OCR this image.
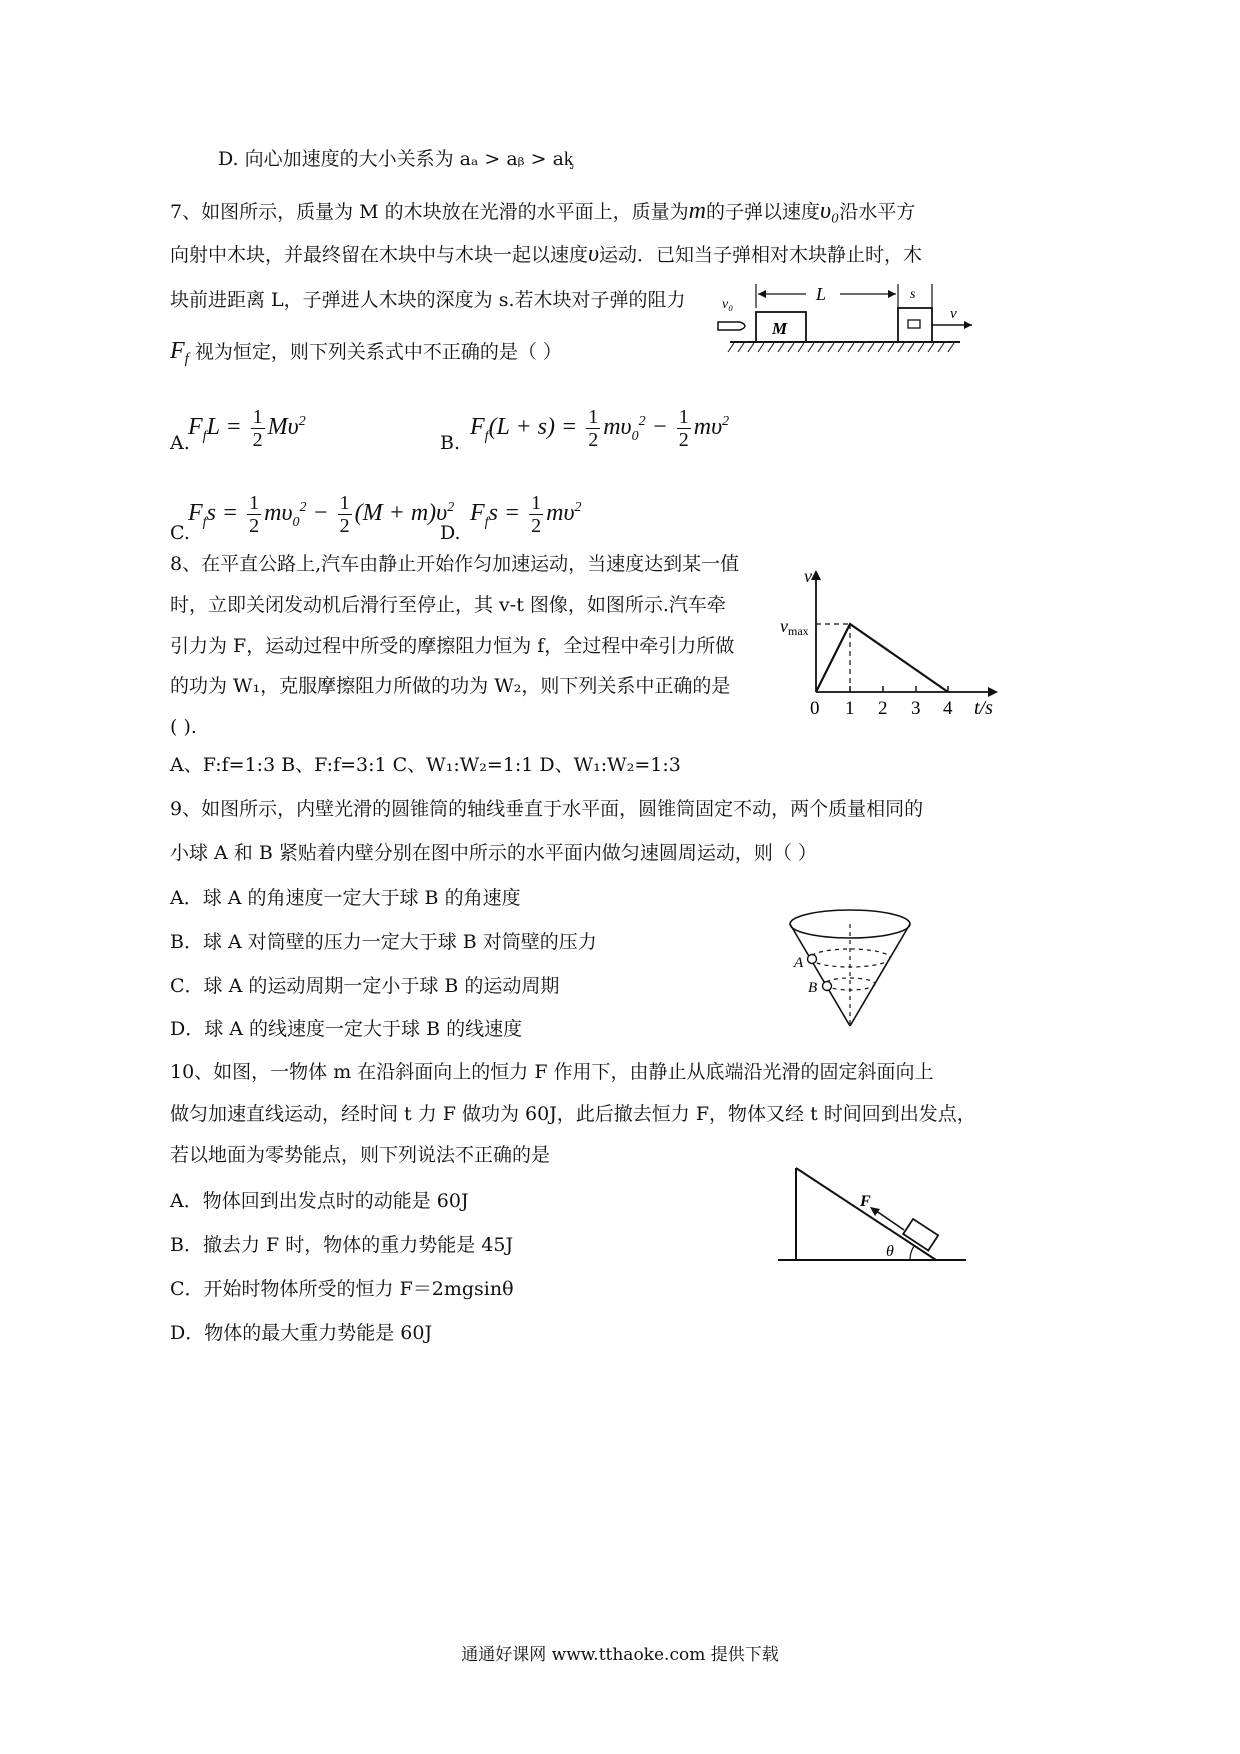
D. 向心加速度的大小关系为 aₐ > aᵦ > aᶄ
7、如图所示，质量为 M 的木块放在光滑的水平面上，质量为m的子弹以速度υ₀沿水平方
向射中木块，并最终留在木块中与木块一起以速度υ运动．已知当子弹相对木块静止时，木
块前进距离 L，子弹进人木块的深度为 s.若木块对子弹的阻力
$F_f$ 视为恒定，则下列关系式中不正确的是（ ）
M
v₀
v
L	s
A.
$F_fL = \frac{1}{2} M\upsilon^2$
B.
$F_f(L + s) = \frac{1}{2} m\upsilon_0^2 - \frac{1}{2} m\upsilon^2$
C.
$F_fs = \frac{1}{2} m\upsilon_0^2 - \frac{1}{2} (M + m)\upsilon^2$
D.
$F_fs = \frac{1}{2} m\upsilon^2$
8、在平直公路上,汽车由静止开始作匀加速运动，当速度达到某一值
时，立即关闭发动机后滑行至停止，其 v-t 图像，如图所示.汽车牵
引力为 F，运动过程中所受的摩擦阻力恒为 f，全过程中牵引力所做
的功为 W₁，克服摩擦阻力所做的功为 W₂，则下列关系中正确的是
( ).
A、F:f=1:3 B、F:f=3:1 C、W₁:W₂=1:1 D、W₁:W₂=1:3
v
t/s
vmax
0 1 2 3 4
9、如图所示，内壁光滑的圆锥筒的轴线垂直于水平面，圆锥筒固定不动，两个质量相同的
小球 A 和 B 紧贴着内壁分别在图中所示的水平面内做匀速圆周运动，则（ ）
A．球 A 的角速度一定大于球 B 的角速度
B．球 A 对筒壁的压力一定大于球 B 对筒壁的压力
C．球 A 的运动周期一定小于球 B 的运动周期
D．球 A 的线速度一定大于球 B 的线速度
A
B
10、如图，一物体 m 在沿斜面向上的恒力 F 作用下，由静止从底端沿光滑的固定斜面向上
做匀加速直线运动，经时间 t 力 F 做功为 60J，此后撤去恒力 F，物体又经 t 时间回到出发点，
若以地面为零势能点，则下列说法不正确的是
A．物体回到出发点时的动能是 60J
B．撤去力 F 时，物体的重力势能是 45J
C．开始时物体所受的恒力 F＝2mgsinθ
D．物体的最大重力势能是 60J
F
θ
通通好课网 www.tthaoke.com 提供下载
